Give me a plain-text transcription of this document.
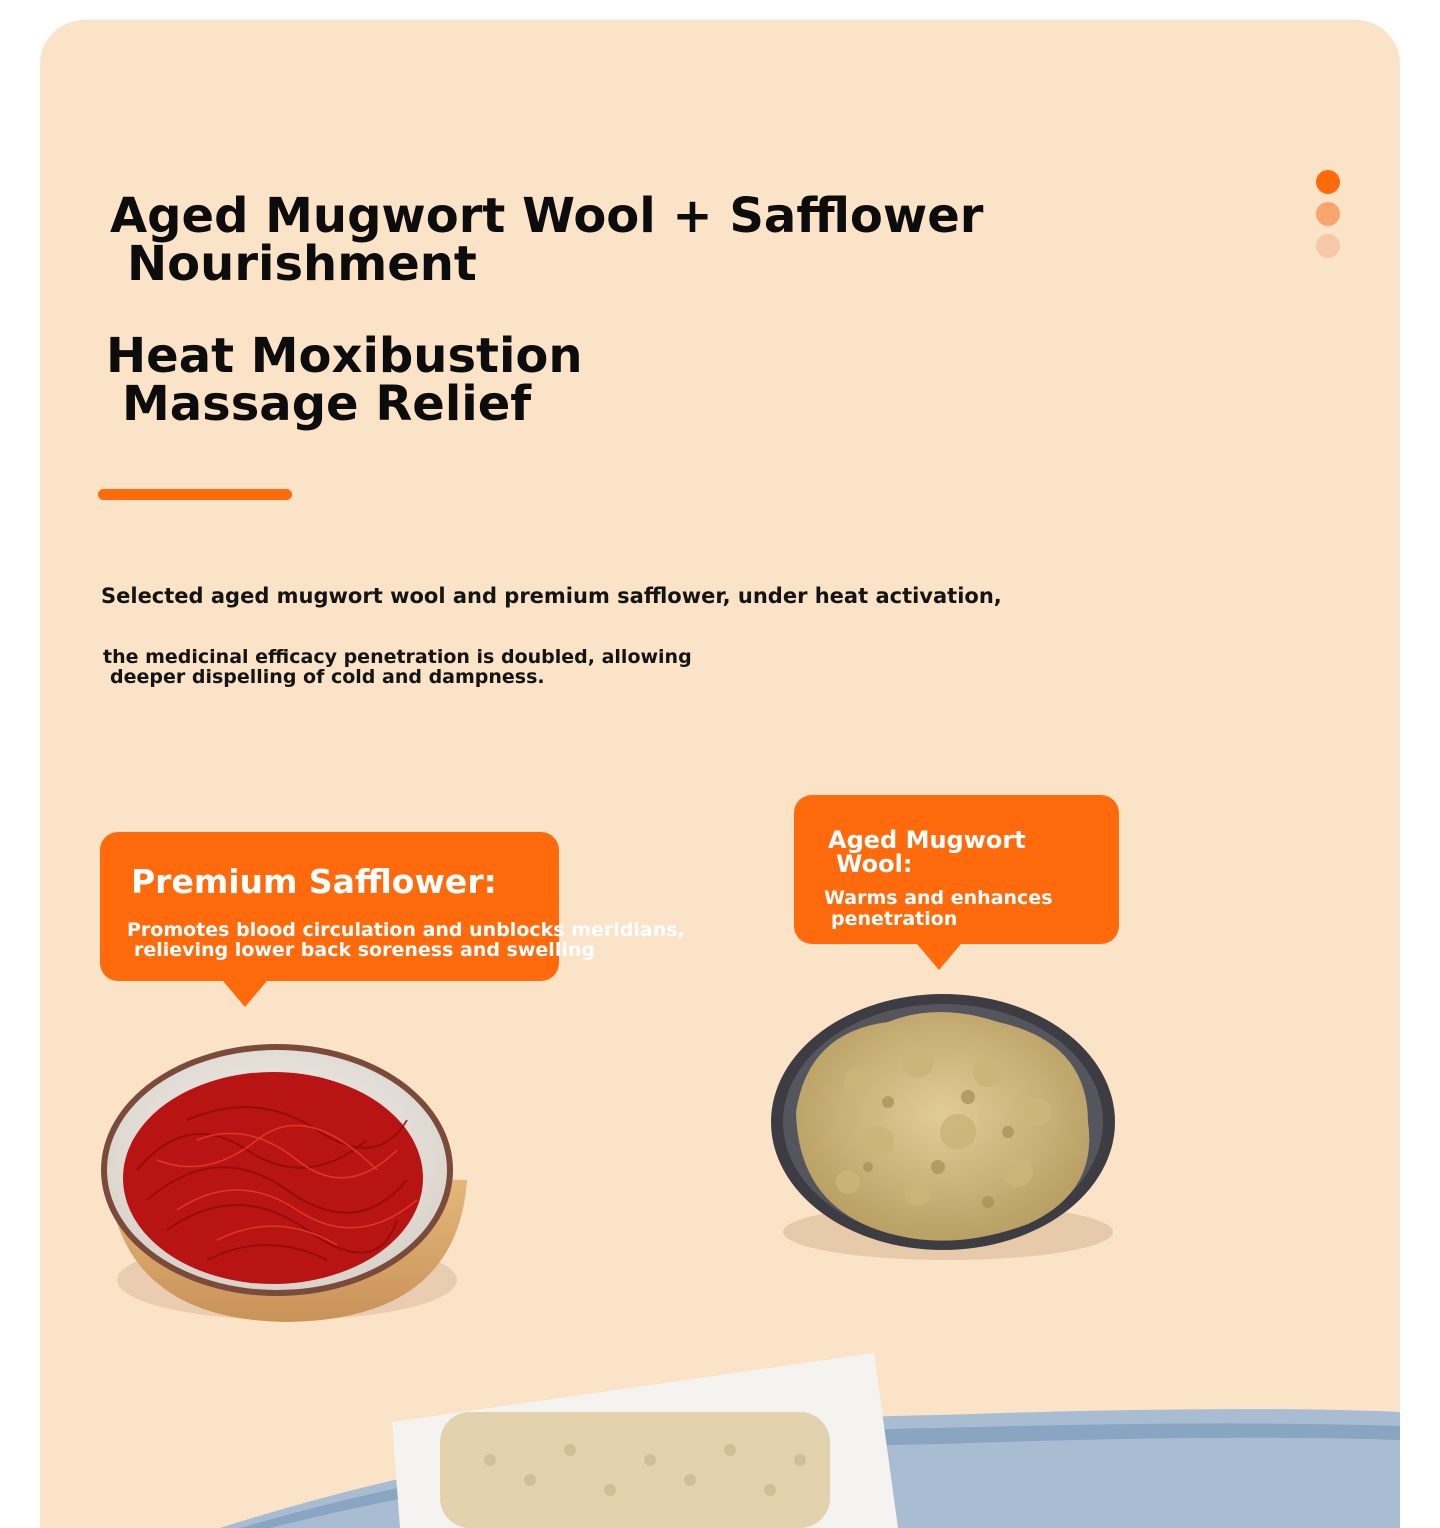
Aged Mugwort Wool + Safflower
Nourishment
Heat Moxibustion
Massage Relief
Selected aged mugwort wool and premium safflower, under heat activation,
the medicinal efficacy penetration is doubled, allowing
deeper dispelling of cold and dampness.
Premium Safflower:
Promotes blood circulation and unblocks meridians,
relieving lower back soreness and swelling
Aged Mugwort
Wool:
Warms and enhances
penetration
